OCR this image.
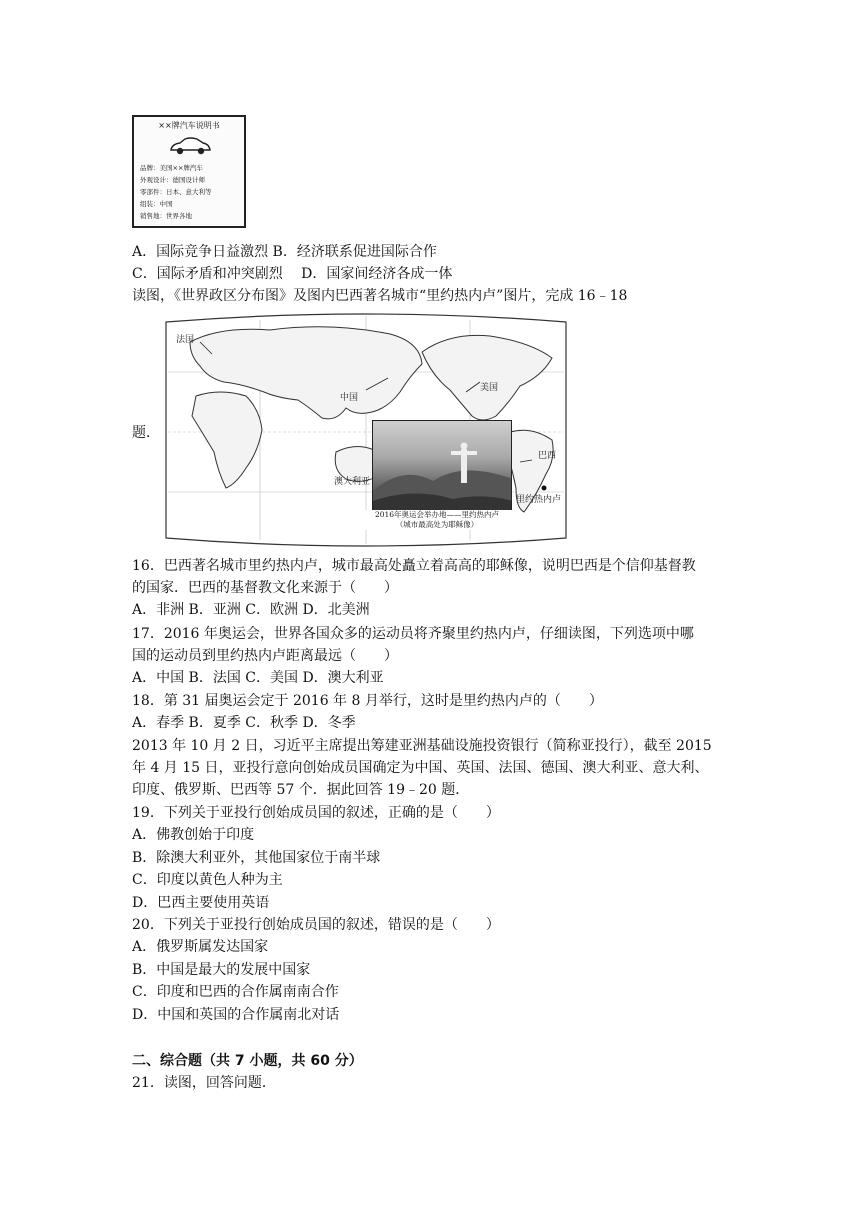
××牌汽车说明书
品牌：美国××牌汽车
外观设计：德国设计师
零部件：日本、意大利等
组装：中国
销售地：世界各地
A．国际竞争日益激烈 B．经济联系促进国际合作
C．国际矛盾和冲突剧烈　 D．国家间经济各成一体
读图，《世界政区分布图》及图内巴西著名城市“里约热内卢”图片，完成 16﹣18
题．
法国
美国
中国
巴西
澳大利亚
里约热内卢
2016年奥运会举办地——里约热内卢
（城市最高处为耶稣像）
16．巴西著名城市里约热内卢，城市最高处矗立着高高的耶稣像，说明巴西是个信仰基督教
的国家．巴西的基督教文化来源于（　　）
A．非洲 B．亚洲 C．欧洲 D．北美洲
17．2016 年奥运会，世界各国众多的运动员将齐聚里约热内卢，仔细读图，下列选项中哪
国的运动员到里约热内卢距离最远（　　）
A．中国 B．法国 C．美国 D．澳大利亚
18．第 31 届奥运会定于 2016 年 8 月举行，这时是里约热内卢的（　　）
A．春季 B．夏季 C．秋季 D．冬季
2013 年 10 月 2 日，习近平主席提出筹建亚洲基础设施投资银行（简称亚投行），截至 2015
年 4 月 15 日，亚投行意向创始成员国确定为中国、英国、法国、德国、澳大利亚、意大利、
印度、俄罗斯、巴西等 57 个．据此回答 19﹣20 题．
19．下列关于亚投行创始成员国的叙述，正确的是（　　）
A．佛教创始于印度
B．除澳大利亚外，其他国家位于南半球
C．印度以黄色人种为主
D．巴西主要使用英语
20．下列关于亚投行创始成员国的叙述，错误的是（　　）
A．俄罗斯属发达国家
B．中国是最大的发展中国家
C．印度和巴西的合作属南南合作
D．中国和英国的合作属南北对话
二、综合题（共 7 小题，共 60 分）
21．读图，回答问题．
